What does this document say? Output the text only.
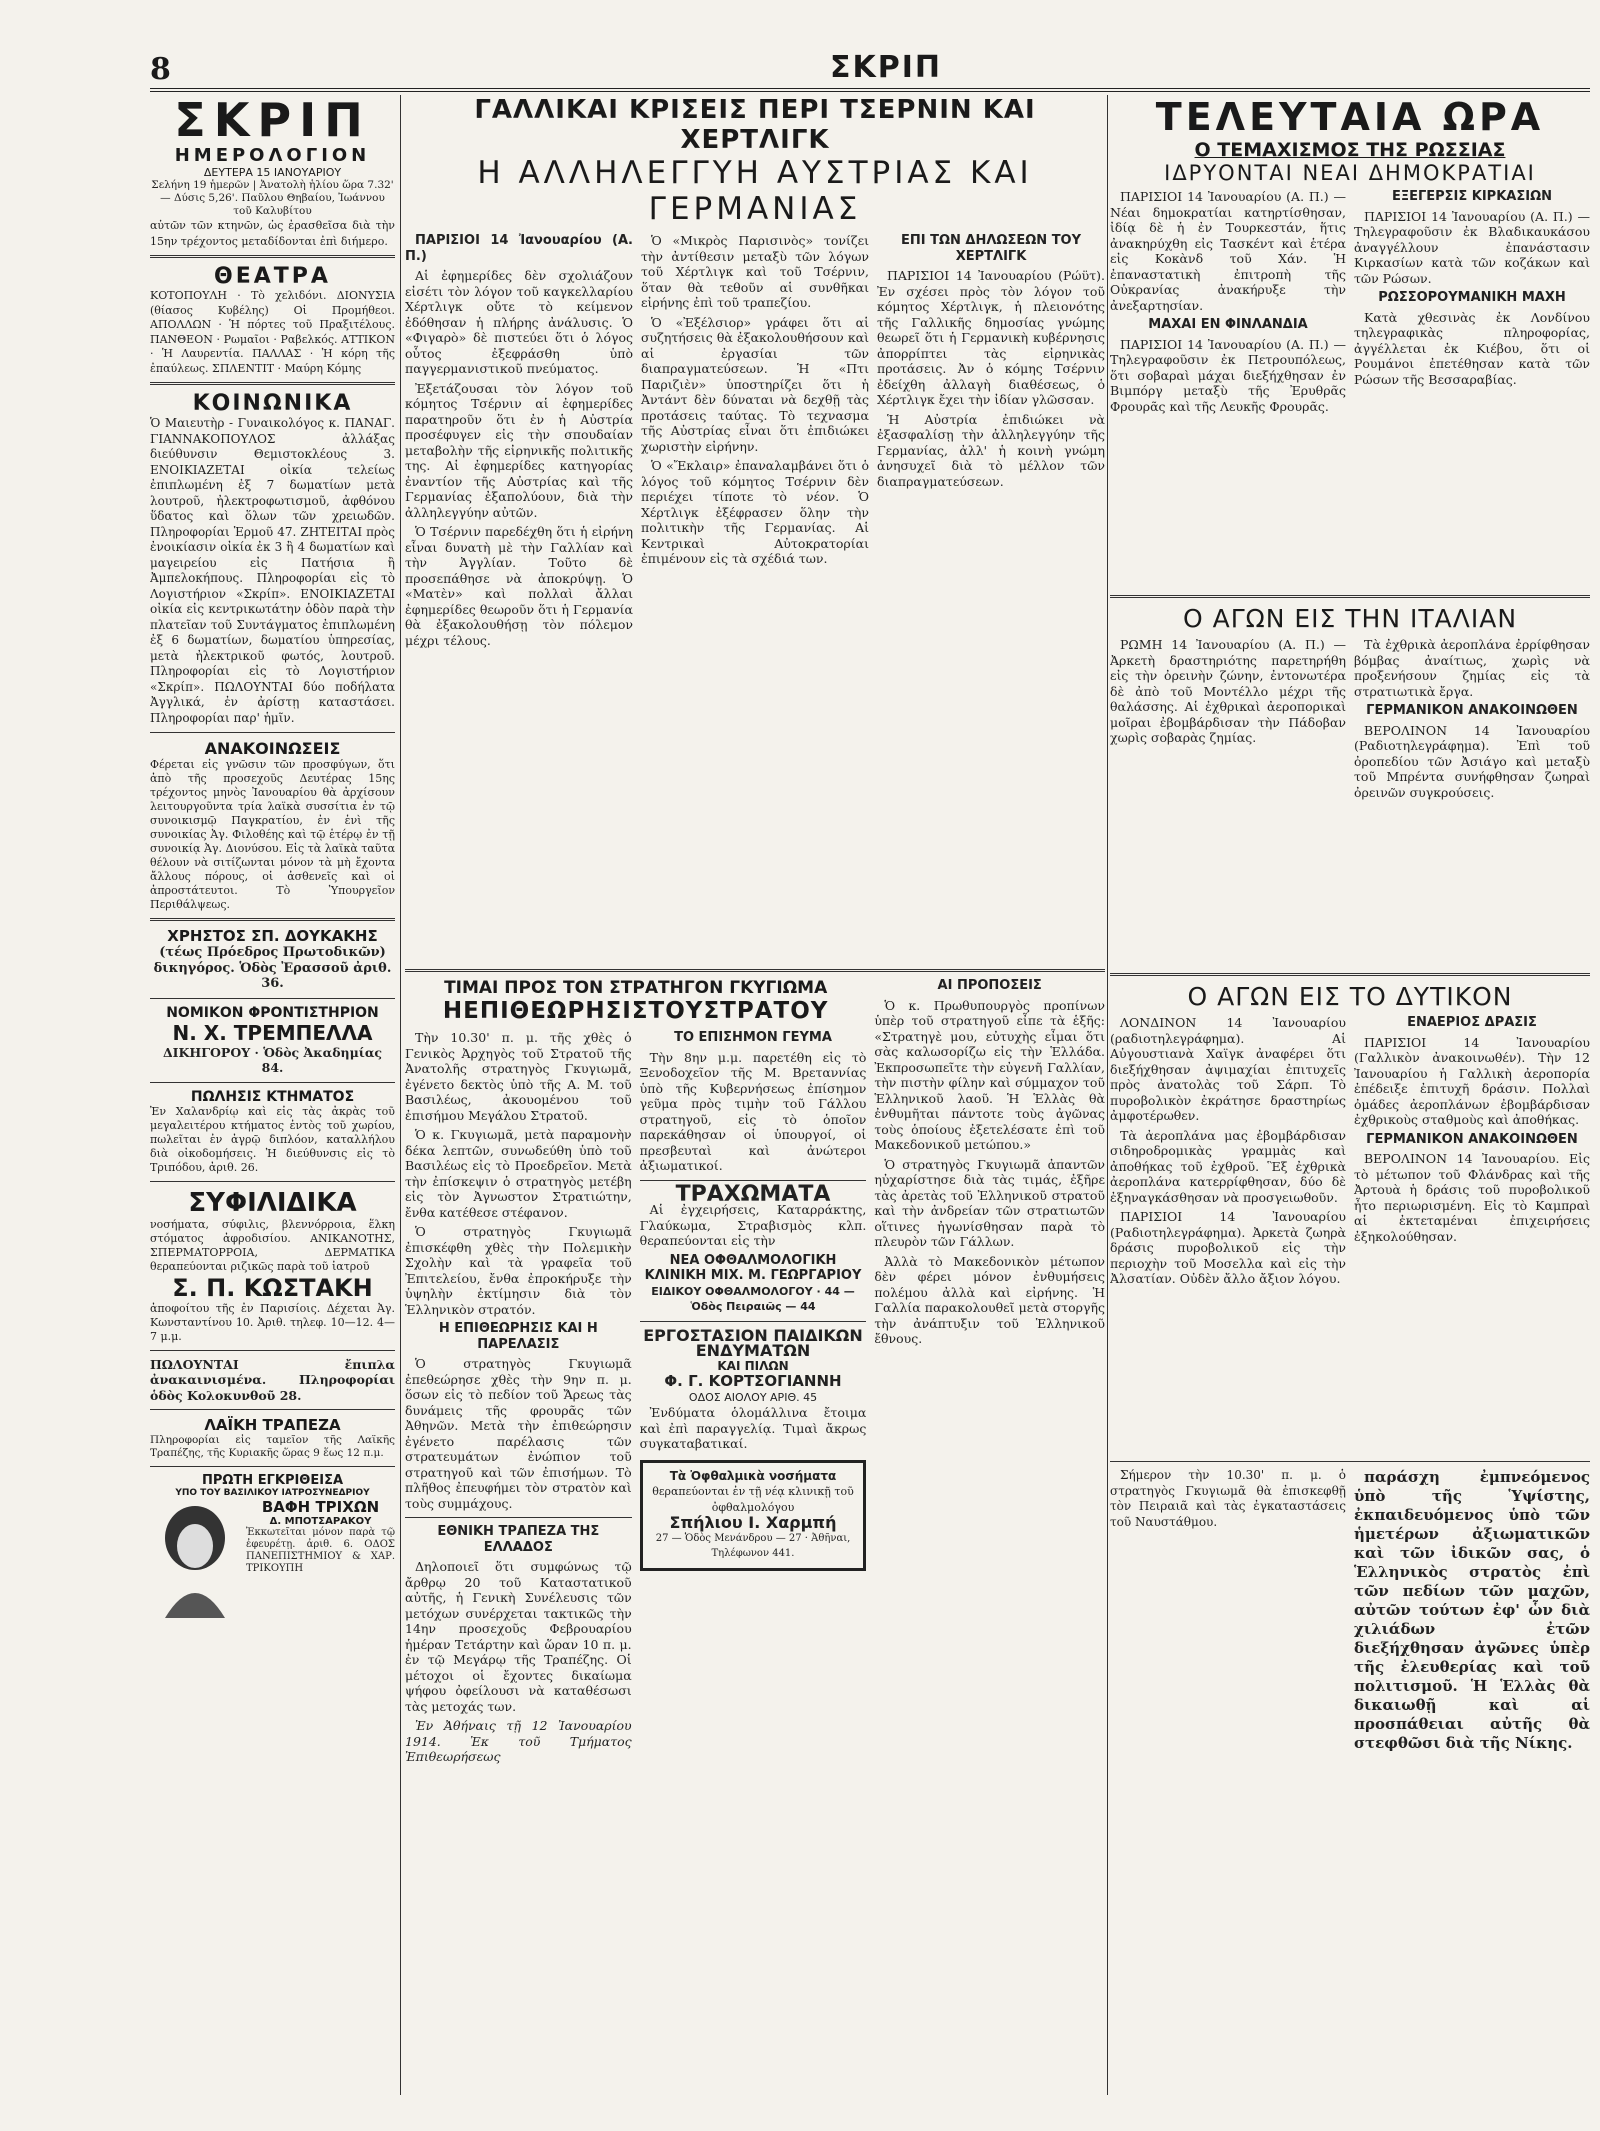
8	ΣΚΡΙΠ
ΣΚΡΙΠ
ΗΜΕΡΟΛΟΓΙΟΝ
ΔΕΥΤΕΡΑ 15 ΙΑΝΟΥΑΡΙΟΥ
Σελήνη 19 ἡμερῶν | Ἀνατολὴ ἡλίου ὥρα 7.32' — Δύσις 5,26'. Παῦλου Θηβαίου, Ἰωάννου τοῦ Καλυβίτου
αὐτῶν τῶν κτηνῶν, ὡς ἐρασθεῖσα διὰ τὴν 15ην τρέχοντος μεταδίδονται ἐπὶ διήμερο.
ΘΕΑΤΡΑ
ΚΟΤΟΠΟΥΛΗ · Τὸ χελιδόνι. ΔΙΟΝΥΣΙΑ (θίασος Κυβέλης) Οἱ Προμήθεοι. ΑΠΟΛΛΩΝ · Ἡ πόρτες τοῦ Πραξιτέλους. ΠΑΝΘΕΟΝ · Ρωμαῖοι · Ραβελκός. ΑΤΤΙΚΟΝ · Ἡ Λαυρεντία. ΠΑΛΛΑΣ · Ἡ κόρη τῆς ἐπαύλεως. ΣΠΛΕΝΤΙΤ · Μαύρη Κόμης
ΚΟΙΝΩΝΙΚΑ
Ὁ Μαιευτὴρ - Γυναικολόγος κ. ΠΑΝΑΓ. ΓΙΑΝΝΑΚΟΠΟΥΛΟΣ ἀλλάξας διεύθυνσιν Θεμιστοκλέους 3. ΕΝΟΙΚΙΑΖΕΤΑΙ οἰκία τελείως ἐπιπλωμένη ἐξ 7 δωματίων μετὰ λουτροῦ, ἠλεκτροφωτισμοῦ, ἀφθόνου ὕδατος καὶ ὅλων τῶν χρειωδῶν. Πληροφορίαι Ἑρμοῦ 47. ΖΗΤΕΙΤΑΙ πρὸς ἐνοικίασιν οἰκία ἐκ 3 ἢ 4 δωματίων καὶ μαγειρείου εἰς Πατήσια ἢ Ἀμπελοκήπους. Πληροφορίαι εἰς τὸ Λογιστήριον «Σκρίπ». ΕΝΟΙΚΙΑΖΕΤΑΙ οἰκία εἰς κεντρικωτάτην ὁδὸν παρὰ τὴν πλατεῖαν τοῦ Συντάγματος ἐπιπλωμένη ἐξ 6 δωματίων, δωματίου ὑπηρεσίας, μετὰ ἠλεκτρικοῦ φωτός, λουτροῦ. Πληροφορίαι εἰς τὸ Λογιστήριον «Σκρίπ». ΠΩΛΟΥΝΤΑΙ δύο ποδήλατα Ἀγγλικά, ἐν ἀρίστῃ καταστάσει. Πληροφορίαι παρ' ἡμῖν.
ΑΝΑΚΟΙΝΩΣΕΙΣ
Φέρεται εἰς γνῶσιν τῶν προσφύγων, ὅτι ἀπὸ τῆς προσεχοῦς Δευτέρας 15ης τρέχοντος μηνὸς Ἰανουαρίου θὰ ἀρχίσουν λειτουργοῦντα τρία λαϊκὰ συσσίτια ἐν τῷ συνοικισμῷ Παγκρατίου, ἐν ἑνὶ τῆς συνοικίας Ἀγ. Φιλοθέης καὶ τῷ ἑτέρῳ ἐν τῇ συνοικίᾳ Ἀγ. Διονύσου. Εἰς τὰ λαϊκὰ ταῦτα θέλουν νὰ σιτίζωνται μόνον τὰ μὴ ἔχοντα ἄλλους πόρους, οἱ ἀσθενεῖς καὶ οἱ ἀπροστάτευτοι. Τὸ Ὑπουργεῖον Περιθάλψεως.
ΧΡΗΣΤΟΣ ΣΠ. ΔΟΥΚΑΚΗΣ
(τέως Πρόεδρος Πρωτοδικῶν) δικηγόρος. Ὁδὸς Ἐρασσοῦ ἀριθ. 36.
ΝΟΜΙΚΟΝ ΦΡΟΝΤΙΣΤΗΡΙΟΝ
Ν. Χ. ΤΡΕΜΠΕΛΛΑ
ΔΙΚΗΓΟΡΟΥ · Ὁδὸς Ἀκαδημίας 84.
ΠΩΛΗΣΙΣ ΚΤΗΜΑΤΟΣ
Ἐν Χαλανδρίῳ καὶ εἰς τὰς ἀκρὰς τοῦ μεγαλειτέρου κτήματος ἐντὸς τοῦ χωρίου, πωλεῖται ἐν ἀγρῷ διπλόον, καταλλήλου διὰ οἰκοδομήσεις. Ἡ διεύθυνσις εἰς τὸ Τριπόδου, ἀριθ. 26.
ΣΥΦΙΛΙΔΙΚΑ
νοσήματα, σύφιλις, βλεννόρροια, ἕλκη στόματος ἀφροδισίου. ΑΝΙΚΑΝΟΤΗΣ, ΣΠΕΡΜΑΤΟΡΡΟΙΑ, ΔΕΡΜΑΤΙΚΑ θεραπεύονται ριζικῶς παρὰ τοῦ ἰατροῦ
Σ. Π. ΚΩΣΤΑΚΗ
ἀποφοίτου τῆς ἐν Παρισίοις. Δέχεται Ἀγ. Κωνσταντίνου 10. Ἀριθ. τηλεφ. 10—12. 4—7 μ.μ.
ΠΩΛΟΥΝΤΑΙ ἔπιπλα ἀνακαινισμένα. Πληροφορίαι ὁδὸς Κολοκυνθοῦ 28.
ΛΑΪΚΗ ΤΡΑΠΕΖΑ
Πληροφορίαι εἰς ταμεῖον τῆς Λαϊκῆς Τραπέζης, τῆς Κυριακῆς ὥρας 9 ἕως 12 π.μ.
ΠΡΩΤΗ ΕΓΚΡΙΘΕΙΣΑ
ΥΠΟ ΤΟΥ ΒΑΣΙΛΙΚΟΥ ΙΑΤΡΟΣΥΝΕΔΡΙΟΥ
ΒΑΦΗ ΤΡΙΧΩΝ
Δ. ΜΠΟΤΣΑΡΑΚΟΥ
Ἐκκωτεῖται μόνον παρὰ τῷ ἐφευρέτῃ. ἀριθ. 6. ΟΔΟΣ ΠΑΝΕΠΙΣΤΗΜΙΟΥ & ΧΑΡ. ΤΡΙΚΟΥΠΗ
ΓΑΛΛΙΚΑΙ ΚΡΙΣΕΙΣ ΠΕΡΙ ΤΣΕΡΝΙΝ ΚΑΙ ΧΕΡΤΛΙΓΚ
Η ΑΛΛΗΛΕΓΓΥΗ ΑΥΣΤΡΙΑΣ ΚΑΙ ΓΕΡΜΑΝΙΑΣ

ΠΑΡΙΣΙΟΙ 14 Ἰανουαρίου (Α. Π.)

Αἱ ἐφημερίδες δὲν σχολιάζουν εἰσέτι τὸν λόγον τοῦ καγκελλαρίου Χέρτλιγκ οὔτε τὸ κείμενον ἐδόθησαν ἡ πλήρης ἀνάλυσις. Ὁ «Φιγαρὸ» δὲ πιστεύει ὅτι ὁ λόγος οὗτος ἐξεφράσθη ὑπὸ παγγερμανιστικοῦ πνεύματος.

Ἐξετάζουσαι τὸν λόγον τοῦ κόμητος Τσέρνιν αἱ ἐφημερίδες παρατηροῦν ὅτι ἐν ἡ Αὐστρία προσέφυγεν εἰς τὴν σπουδαίαν μεταβολὴν τῆς εἰρηνικῆς πολιτικῆς της. Αἱ ἐφημερίδες κατηγορίας ἐναντίον τῆς Αὐστρίας καὶ τῆς Γερμανίας ἐξαπολύουν, διὰ τὴν ἀλληλεγγύην αὐτῶν.

Ὁ Τσέρνιν παρεδέχθη ὅτι ἡ εἰρήνη εἶναι δυνατὴ μὲ τὴν Γαλλίαν καὶ τὴν Ἀγγλίαν. Τοῦτο δὲ προσεπάθησε νὰ ἀποκρύψῃ. Ὁ «Ματὲν» καὶ πολλαὶ ἄλλαι ἐφημερίδες θεωροῦν ὅτι ἡ Γερμανία θὰ ἐξακολουθήσῃ τὸν πόλεμον μέχρι τέλους.

Ὁ «Μικρὸς Παρισινὸς» τονίζει τὴν ἀντίθεσιν μεταξὺ τῶν λόγων τοῦ Χέρτλιγκ καὶ τοῦ Τσέρνιν, ὅταν θὰ τεθοῦν αἱ συνθῆκαι εἰρήνης ἐπὶ τοῦ τραπεζίου.

Ὁ «Ἐξέλσιορ» γράφει ὅτι αἱ συζητήσεις θὰ ἐξακολουθήσουν καὶ αἱ ἐργασίαι τῶν διαπραγματεύσεων. Ἡ «Πτι Παριζιὲν» ὑποστηρίζει ὅτι ἡ Ἀντάντ δὲν δύναται νὰ δεχθῇ τὰς προτάσεις ταύτας. Τὸ τεχνασμα τῆς Αὐστρίας εἶναι ὅτι ἐπιδιώκει χωριστὴν εἰρήνην.

Ὁ «Ἔκλαιρ» ἐπαναλαμβάνει ὅτι ὁ λόγος τοῦ κόμητος Τσέρνιν δὲν περιέχει τίποτε τὸ νέον. Ὁ Χέρτλιγκ ἐξέφρασεν ὅλην τὴν πολιτικὴν τῆς Γερμανίας. Αἱ Κεντρικαὶ Αὐτοκρατορίαι ἐπιμένουν εἰς τὰ σχέδιά των.

ΕΠΙ ΤΩΝ ΔΗΛΩΣΕΩΝ ΤΟΥ ΧΕΡΤΛΙΓΚ

ΠΑΡΙΣΙΟΙ 14 Ἰανουαρίου (Ρώϋτ). Ἐν σχέσει πρὸς τὸν λόγον τοῦ κόμητος Χέρτλιγκ, ἡ πλειονότης τῆς Γαλλικῆς δημοσίας γνώμης θεωρεῖ ὅτι ἡ Γερμανικὴ κυβέρνησις ἀπορρίπτει τὰς εἰρηνικὰς προτάσεις. Ἀν ὁ κόμης Τσέρνιν ἐδείχθη ἀλλαγὴ διαθέσεως, ὁ Χέρτλιγκ ἔχει τὴν ἰδίαν γλῶσσαν.

Ἡ Αὐστρία ἐπιδιώκει νὰ ἐξασφαλίσῃ τὴν ἀλληλεγγύην τῆς Γερμανίας, ἀλλ' ἡ κοινὴ γνώμη ἀνησυχεῖ διὰ τὸ μέλλον τῶν διαπραγματεύσεων.

ΤΙΜΑΙ ΠΡΟΣ ΤΟΝ ΣΤΡΑΤΗΓΟΝ ΓΚΥΓΙΩΜΑ
ΗΕΠΙΘΕΩΡΗΣΙΣΤΟΥΣΤΡΑΤΟΥ

Τὴν 10.30' π. μ. τῆς χθὲς ὁ Γενικὸς Ἀρχηγὸς τοῦ Στρατοῦ τῆς Ἀνατολῆς στρατηγὸς Γκυγιωμᾶ, ἐγένετο δεκτὸς ὑπὸ τῆς Α. Μ. τοῦ Βασιλέως, ἀκουομένου τοῦ ἐπισήμου Μεγάλου Στρατοῦ.

Ὁ κ. Γκυγιωμᾶ, μετὰ παραμονὴν δέκα λεπτῶν, συνωδεύθη ὑπὸ τοῦ Βασιλέως εἰς τὸ Προεδρεῖον. Μετὰ τὴν ἐπίσκεψιν ὁ στρατηγὸς μετέβη εἰς τὸν Ἀγνωστον Στρατιώτην, ἔνθα κατέθεσε στέφανον.

Ὁ στρατηγὸς Γκυγιωμᾶ ἐπισκέφθη χθὲς τὴν Πολεμικὴν Σχολὴν καὶ τὰ γραφεῖα τοῦ Ἐπιτελείου, ἔνθα ἐπροκήρυξε τὴν ὑψηλὴν ἐκτίμησιν διὰ τὸν Ἑλληνικὸν στρατόν.

Η ΕΠΙΘΕΩΡΗΣΙΣ ΚΑΙ Η ΠΑΡΕΛΑΣΙΣ

Ὁ στρατηγὸς Γκυγιωμᾶ ἐπεθεώρησε χθὲς τὴν 9ην π. μ. ὅσων εἰς τὸ πεδίον τοῦ Ἄρεως τὰς δυνάμεις τῆς φρουρᾶς τῶν Ἀθηνῶν. Μετὰ τὴν ἐπιθεώρησιν ἐγένετο παρέλασις τῶν στρατευμάτων ἐνώπιον τοῦ στρατηγοῦ καὶ τῶν ἐπισήμων. Τὸ πλῆθος ἐπευφήμει τὸν στρατὸν καὶ τοὺς συμμάχους.

ΕΘΝΙΚΗ ΤΡΑΠΕΖΑ ΤΗΣ ΕΛΛΑΔΟΣ

Δηλοποιεῖ ὅτι συμφώνως τῷ ἄρθρῳ 20 τοῦ Καταστατικοῦ αὐτῆς, ἡ Γενικὴ Συνέλευσις τῶν μετόχων συνέρχεται τακτικῶς τὴν 14ην προσεχοῦς Φεβρουαρίου ἡμέραν Τετάρτην καὶ ὥραν 10 π. μ. ἐν τῷ Μεγάρῳ τῆς Τραπέζης. Οἱ μέτοχοι οἱ ἔχοντες δικαίωμα ψήφου ὀφείλουσι νὰ καταθέσωσι τὰς μετοχάς των.

Ἐν Ἀθήναις τῇ 12 Ἰανουαρίου 1914. Ἐκ τοῦ Τμήματος Ἐπιθεωρήσεως

ΤΟ ΕΠΙΣΗΜΟΝ ΓΕΥΜΑ

Τὴν 8ην μ.μ. παρετέθη εἰς τὸ Ξενοδοχεῖον τῆς Μ. Βρεταννίας ὑπὸ τῆς Κυβερνήσεως ἐπίσημον γεῦμα πρὸς τιμὴν τοῦ Γάλλου στρατηγοῦ, εἰς τὸ ὁποῖον παρεκάθησαν οἱ ὑπουργοί, οἱ πρεσβευταὶ καὶ ἀνώτεροι ἀξιωματικοί.

ΤΡΑΧΩΜΑΤΑ

Αἱ ἐγχειρήσεις, Καταρράκτης, Γλαύκωμα, Στραβισμὸς κλπ. θεραπεύονται εἰς τὴν

ΝΕΑ ΟΦΘΑΛΜΟΛΟΓΙΚΗ ΚΛΙΝΙΚΗ ΜΙΧ. Μ. ΓΕΩΡΓΑΡΙΟΥ
ΕΙΔΙΚΟΥ ΟΦΘΑΛΜΟΛΟΓΟΥ · 44 — Ὁδὸς Πειραιῶς — 44
ΕΡΓΟΣΤΑΣΙΟΝ ΠΑΙΔΙΚΩΝ ΕΝΔΥΜΑΤΩΝ
ΚΑΙ ΠΙΛΩΝ
Φ. Γ. ΚΟΡΤΣΟΓΙΑΝΝΗ
ΟΔΟΣ ΑΙΟΛΟΥ ΑΡΙΘ. 45

Ἐνδύματα ὁλομάλλινα ἔτοιμα καὶ ἐπὶ παραγγελίᾳ. Τιμαὶ ἄκρως συγκαταβατικαί.

Τὰ Ὀφθαλμικὰ νοσήματα
θεραπεύονται ἐν τῇ νέᾳ κλινικῇ τοῦ ὀφθαλμολόγου
Σπήλιου Ι. Χαρμπή
27 — Ὁδὸς Μενάνδρου — 27 · Ἀθῆναι, Τηλέφωνον 441.

ΑΙ ΠΡΟΠΟΣΕΙΣ

Ὁ κ. Πρωθυπουργὸς προπίνων ὑπὲρ τοῦ στρατηγοῦ εἶπε τὰ ἑξῆς: «Στρατηγὲ μου, εὐτυχὴς εἶμαι ὅτι σὰς καλωσορίζω εἰς τὴν Ἑλλάδα. Ἐκπροσωπεῖτε τὴν εὐγενῆ Γαλλίαν, τὴν πιστὴν φίλην καὶ σύμμαχον τοῦ Ἑλληνικοῦ λαοῦ. Ἡ Ἑλλὰς θὰ ἐνθυμῆται πάντοτε τοὺς ἀγῶνας τοὺς ὁποίους ἐξετελέσατε ἐπὶ τοῦ Μακεδονικοῦ μετώπου.»

Ὁ στρατηγὸς Γκυγιωμᾶ ἀπαντῶν ηὐχαρίστησε διὰ τὰς τιμάς, ἐξῆρε τὰς ἀρετὰς τοῦ Ἑλληνικοῦ στρατοῦ καὶ τὴν ἀνδρείαν τῶν στρατιωτῶν οἵτινες ἠγωνίσθησαν παρὰ τὸ πλευρὸν τῶν Γάλλων.

Ἀλλὰ τὸ Μακεδονικὸν μέτωπον δὲν φέρει μόνον ἐνθυμήσεις πολέμου ἀλλὰ καὶ εἰρήνης. Ἡ Γαλλία παρακολουθεῖ μετὰ στοργῆς τὴν ἀνάπτυξιν τοῦ Ἑλληνικοῦ ἔθνους.

ΤΕΛΕΥΤΑΙΑ ΩΡΑ
Ο ΤΕΜΑΧΙΣΜΟΣ ΤΗΣ ΡΩΣΣΙΑΣ
ΙΔΡΥΟΝΤΑΙ ΝΕΑΙ ΔΗΜΟΚΡΑΤΙΑΙ

ΠΑΡΙΣΙΟΙ 14 Ἰανουαρίου (Α. Π.) — Νέαι δημοκρατίαι κατηρτίσθησαν, ἰδίᾳ δὲ ἡ ἐν Τουρκεστάν, ἥτις ἀνακηρύχθη εἰς Τασκέντ καὶ ἑτέρα εἰς Κοκὰνδ τοῦ Χάν. Ἡ ἐπαναστατικὴ ἐπιτροπὴ τῆς Οὐκρανίας ἀνακήρυξε τὴν ἀνεξαρτησίαν.

ΜΑΧΑΙ ΕΝ ΦΙΝΛΑΝΔΙΑ

ΠΑΡΙΣΙΟΙ 14 Ἰανουαρίου (Α. Π.) — Τηλεγραφοῦσιν ἐκ Πετρουπόλεως, ὅτι σοβαραὶ μάχαι διεξήχθησαν ἐν Βιμπόργ μεταξὺ τῆς Ἐρυθρᾶς Φρουρᾶς καὶ τῆς Λευκῆς Φρουρᾶς.

ΕΞΕΓΕΡΣΙΣ ΚΙΡΚΑΣΙΩΝ

ΠΑΡΙΣΙΟΙ 14 Ἰανουαρίου (Α. Π.) — Τηλεγραφοῦσιν ἐκ Βλαδικαυκάσου ἀναγγέλλουν ἐπανάστασιν Κιρκασίων κατὰ τῶν κοζάκων καὶ τῶν Ρώσων.

ΡΩΣΣΟΡΟΥΜΑΝΙΚΗ ΜΑΧΗ

Κατὰ χθεσινὰς ἐκ Λονδίνου τηλεγραφικὰς πληροφορίας, ἀγγέλλεται ἐκ Κιέβου, ὅτι οἱ Ρουμάνοι ἐπετέθησαν κατὰ τῶν Ρώσων τῆς Βεσσαραβίας.

Ο ΑΓΩΝ ΕΙΣ ΤΗΝ ΙΤΑΛΙΑΝ

ΡΩΜΗ 14 Ἰανουαρίου (Α. Π.) — Ἀρκετὴ δραστηριότης παρετηρήθη εἰς τὴν ὀρεινὴν ζώνην, ἐντονωτέρα δὲ ἀπὸ τοῦ Μοντέλλο μέχρι τῆς θαλάσσης. Αἱ ἐχθρικαὶ ἀεροπορικαὶ μοῖραι ἐβομβάρδισαν τὴν Πάδοβαν χωρὶς σοβαρὰς ζημίας.

Τὰ ἐχθρικὰ ἀεροπλάνα ἐρρίφθησαν βόμβας ἀναίτιως, χωρὶς νὰ προξενήσουν ζημίας εἰς τὰ στρατιωτικὰ ἔργα.

ΓΕΡΜΑΝΙΚΟΝ ΑΝΑΚΟΙΝΩΘΕΝ

ΒΕΡΟΛΙΝΟΝ 14 Ἰανουαρίου (Ραδιοτηλεγράφημα). Ἐπὶ τοῦ ὀροπεδίου τῶν Ἀσιάγο καὶ μεταξὺ τοῦ Μπρέντα συνήφθησαν ζωηραὶ ὀρεινῶν συγκρούσεις.

Ο ΑΓΩΝ ΕΙΣ ΤΟ ΔΥΤΙΚΟΝ

ΛΟΝΔΙΝΟΝ 14 Ἰανουαρίου (ραδιοτηλεγράφημα). Αἱ Αὐγουστιανὰ Χαϊγκ ἀναφέρει ὅτι διεξήχθησαν ἀψιμαχίαι ἐπιτυχεῖς πρὸς ἀνατολὰς τοῦ Σάρπ. Τὸ πυροβολικὸν ἐκράτησε δραστηρίως ἀμφοτέρωθεν.

Τὰ ἀεροπλάνα μας ἐβομβάρδισαν σιδηροδρομικὰς γραμμὰς καὶ ἀποθήκας τοῦ ἐχθροῦ. Ἓξ ἐχθρικὰ ἀεροπλάνα κατερρίφθησαν, δύο δὲ ἐξηναγκάσθησαν νὰ προσγειωθοῦν.

ΠΑΡΙΣΙΟΙ 14 Ἰανουαρίου (Ραδιοτηλεγράφημα). Ἀρκετὰ ζωηρὰ δράσις πυροβολικοῦ εἰς τὴν περιοχὴν τοῦ Μοσελλα καὶ εἰς τὴν Ἀλσατίαν. Οὐδὲν ἄλλο ἄξιον λόγου.

ΕΝΑΕΡΙΟΣ ΔΡΑΣΙΣ

ΠΑΡΙΣΙΟΙ 14 Ἰανουαρίου (Γαλλικὸν ἀνακοινωθέν). Τὴν 12 Ἰανουαρίου ἡ Γαλλικὴ ἀεροπορία ἐπέδειξε ἐπιτυχῆ δράσιν. Πολλαὶ ὀμάδες ἀεροπλάνων ἐβομβάρδισαν ἐχθρικοὺς σταθμοὺς καὶ ἀποθήκας.

ΓΕΡΜΑΝΙΚΟΝ ΑΝΑΚΟΙΝΩΘΕΝ

ΒΕΡΟΛΙΝΟΝ 14 Ἰανουαρίου. Εἰς τὸ μέτωπον τοῦ Φλάνδρας καὶ τῆς Ἀρτουὰ ἡ δράσις τοῦ πυροβολικοῦ ἦτο περιωρισμένη. Εἰς τὸ Καμπραὶ αἱ ἐκτεταμέναι ἐπιχειρήσεις ἐξηκολούθησαν.

Σήμερον τὴν 10.30' π. μ. ὁ στρατηγὸς Γκυγιωμᾶ θὰ ἐπισκεφθῇ τὸν Πειραιᾶ καὶ τὰς ἐγκαταστάσεις τοῦ Ναυστάθμου.

παράσχη ἐμπνεόμενος ὑπὸ τῆς Ὑψίστης, ἐκπαιδευόμενος ὑπὸ τῶν ἡμετέρων ἀξιωματικῶν καὶ τῶν ἰδικῶν σας, ὁ Ἑλληνικὸς στρατὸς ἐπὶ τῶν πεδίων τῶν μαχῶν, αὐτῶν τούτων ἐφ' ὧν διὰ χιλιάδων ἐτῶν διεξήχθησαν ἀγῶνες ὑπὲρ τῆς ἐλευθερίας καὶ τοῦ πολιτισμοῦ. Ἡ Ἑλλὰς θὰ δικαιωθῇ καὶ αἱ προσπάθειαι αὐτῆς θὰ στεφθῶσι διὰ τῆς Νίκης.
